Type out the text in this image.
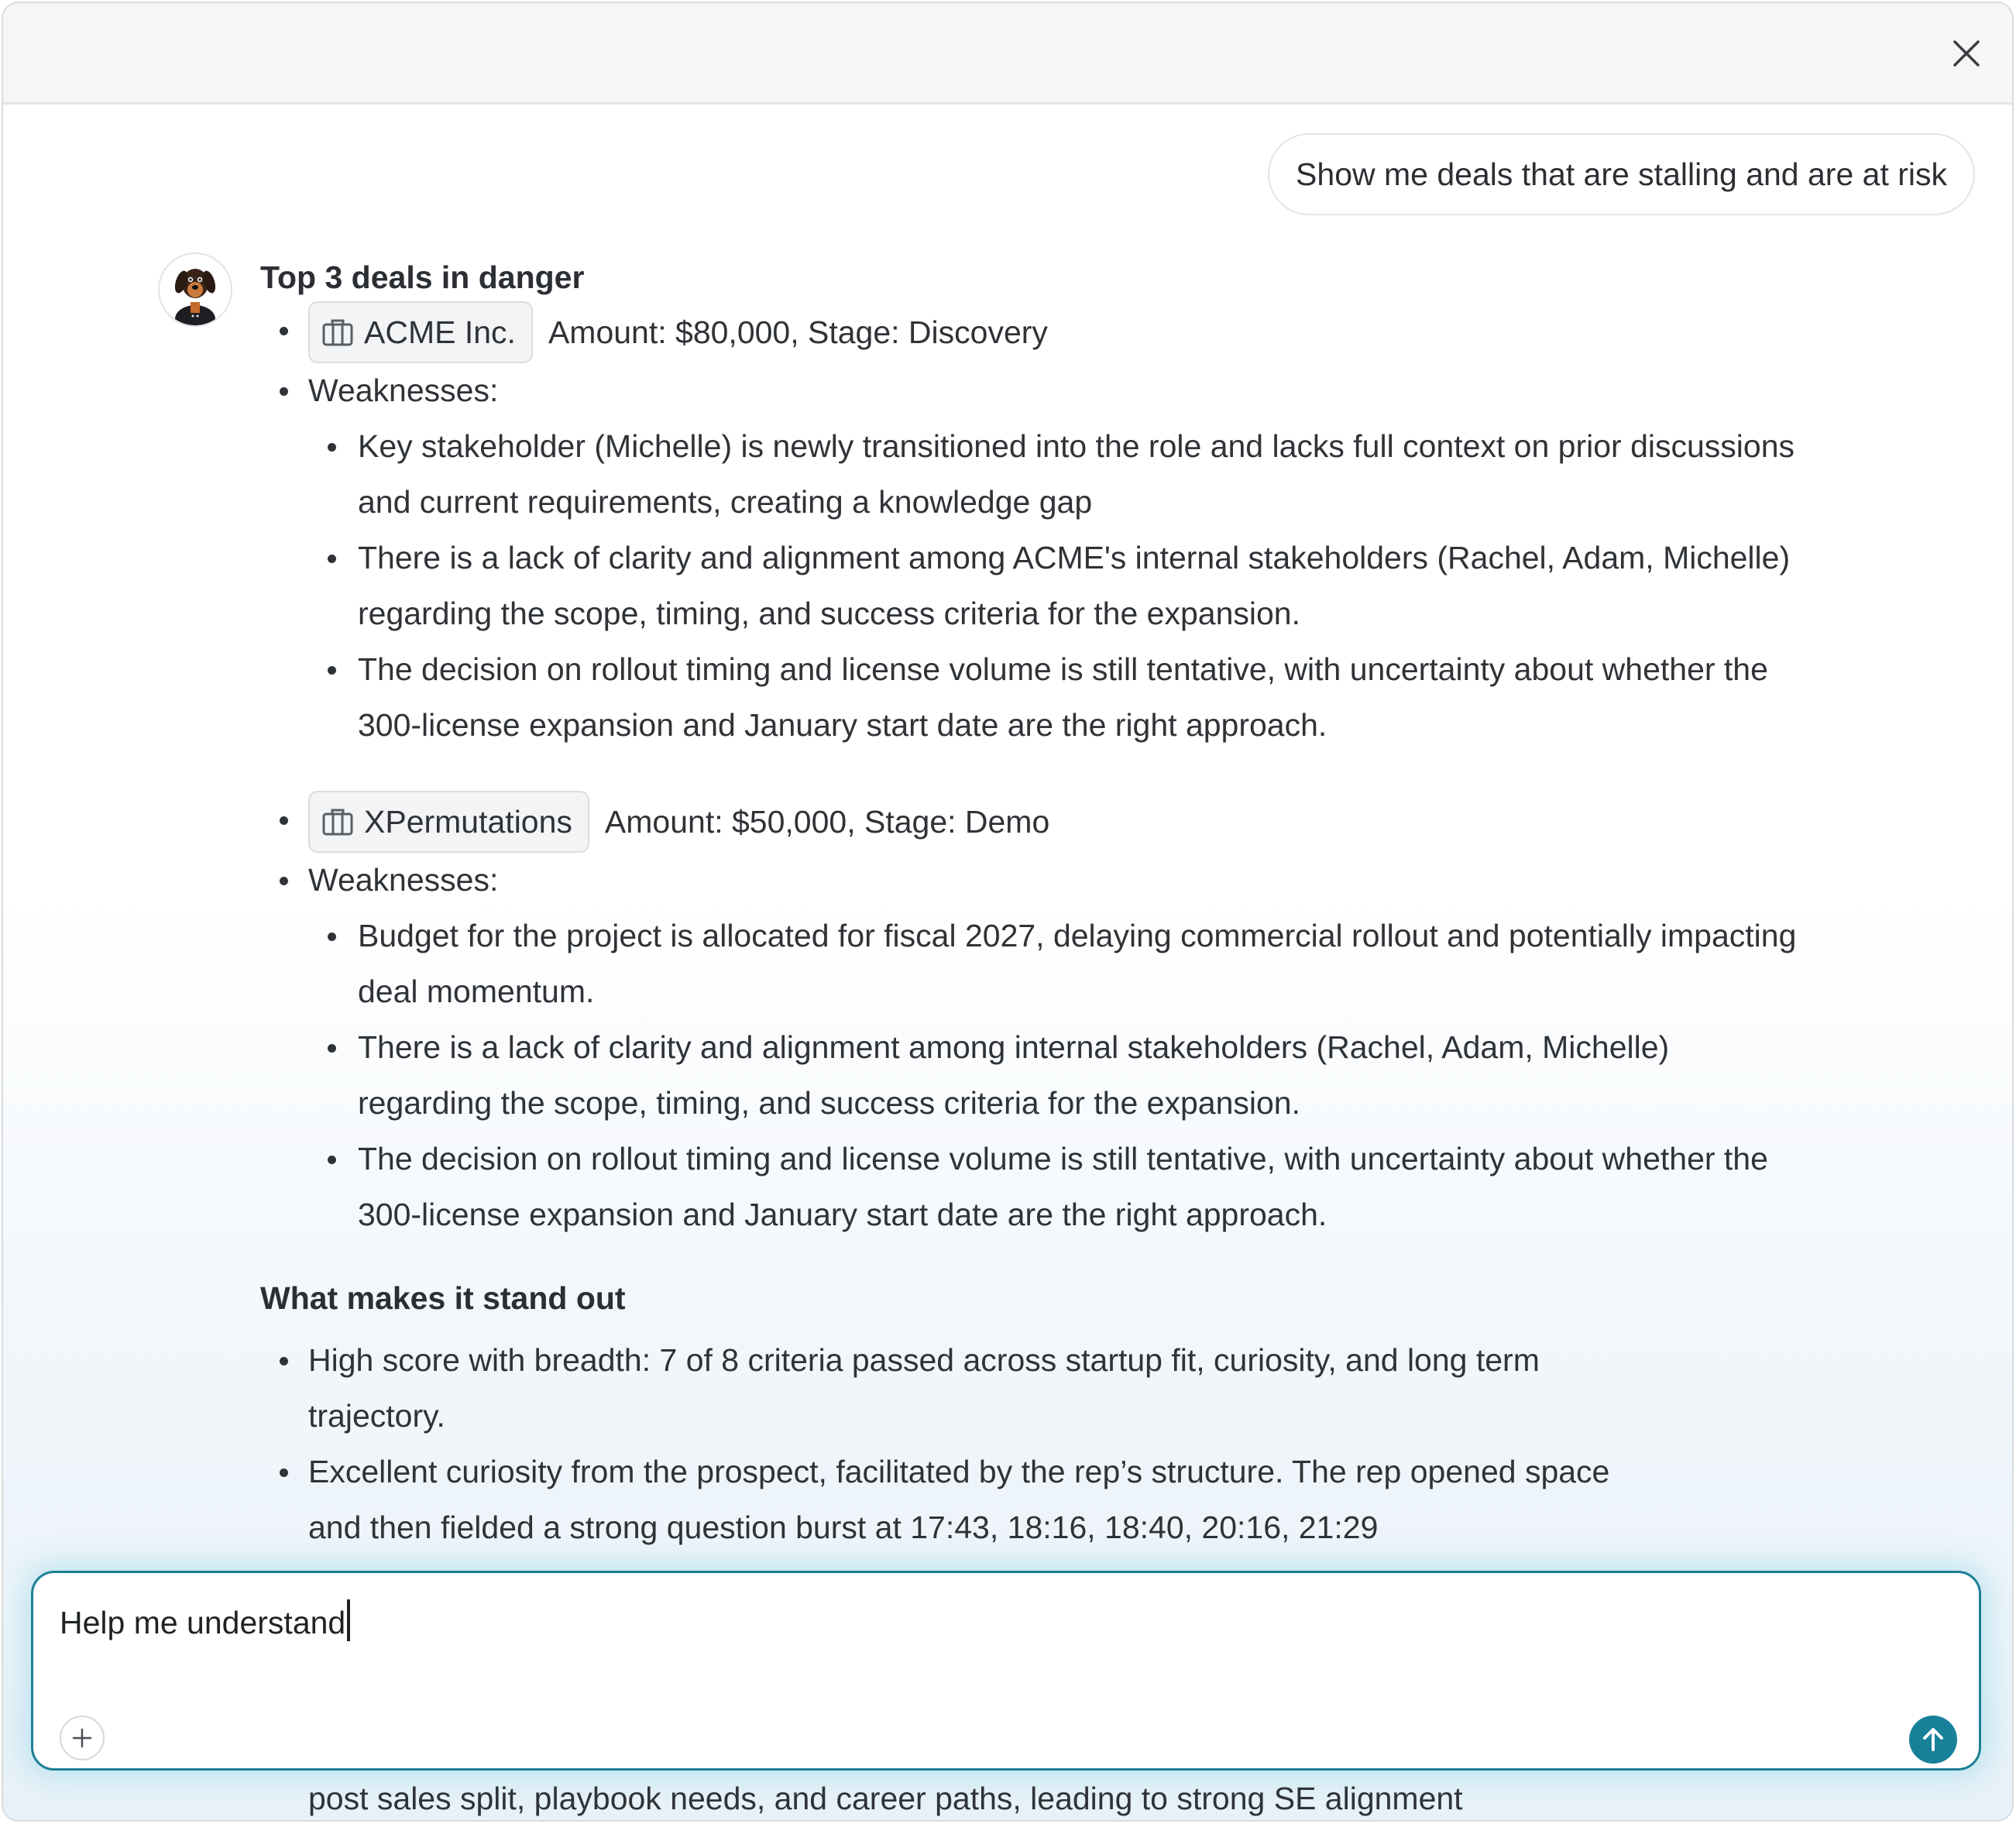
Show me deals that are stalling and are at risk

Top 3 deals in danger

ACME Inc. Amount: $80,000, Stage: Discovery
Weaknesses:
Key stakeholder (Michelle) is newly transitioned into the role and lacks full context on prior discussions and current requirements, creating a knowledge gap
There is a lack of clarity and alignment among ACME's internal stakeholders (Rachel, Adam, Michelle) regarding the scope, timing, and success criteria for the expansion.
The decision on rollout timing and license volume is still tentative, with uncertainty about whether the 300-license expansion and January start date are the right approach.
XPermutations Amount: $50,000, Stage: Demo
Weaknesses:
Budget for the project is allocated for fiscal 2027, delaying commercial rollout and potentially impacting deal momentum.
There is a lack of clarity and alignment among internal stakeholders (Rachel, Adam, Michelle) regarding the scope, timing, and success criteria for the expansion.
The decision on rollout timing and license volume is still tentative, with uncertainty about whether the 300-license expansion and January start date are the right approach.

What makes it stand out

High score with breadth: 7 of 8 criteria passed across startup fit, curiosity, and long term trajectory.
Excellent curiosity from the prospect, facilitated by the rep’s structure. The rep opened space and then fielded a strong question burst at 17:43, 18:16, 18:40, 20:16, 21:29
Help me understand
post sales split, playbook needs, and career paths, leading to strong SE alignment
